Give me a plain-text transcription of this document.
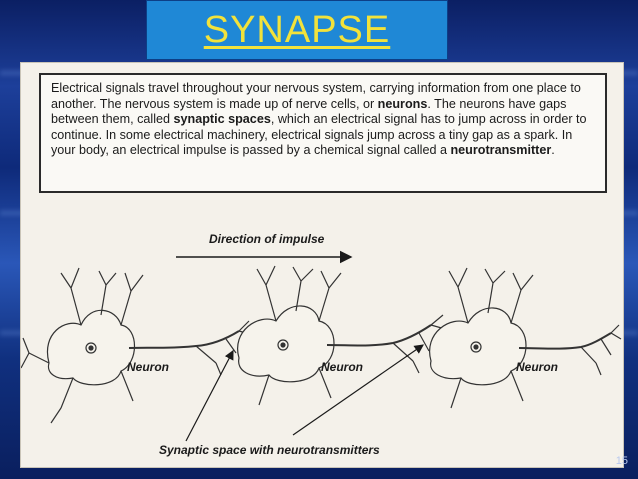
SYNAPSE

Electrical signals travel throughout your nervous system, carrying information from one place to another. The nervous system is made up of nerve cells, or neurons. The neurons have gaps between them, called synaptic spaces, which an electrical signal has to jump across in order to continue. In some electrical machinery, electrical signals jump across a tiny gap as a spark. In your body, an electrical impulse is passed by a chemical signal called a neurotransmitter.

Direction of impulse
Neuron	Neuron	Neuron
Synaptic space with neurotransmitters
15
